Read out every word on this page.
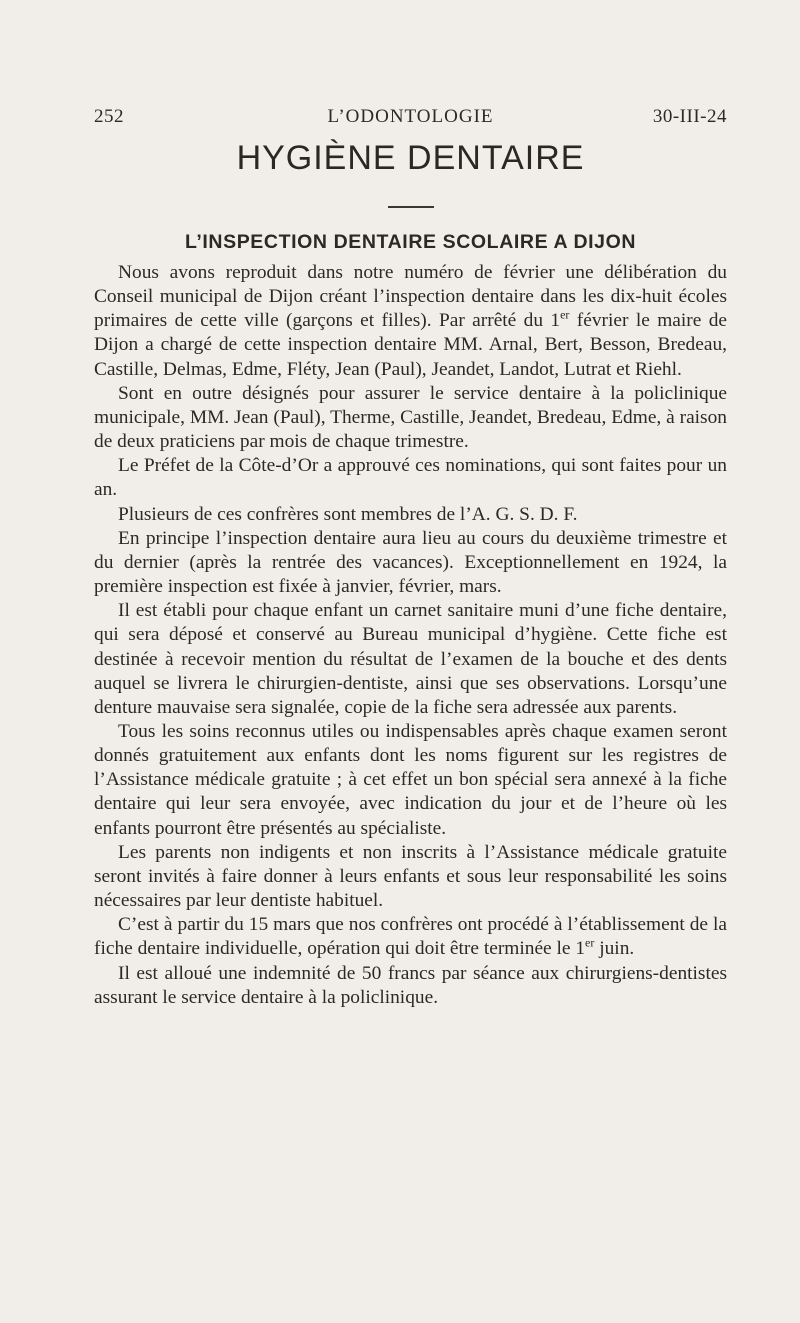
252	L’ODONTOLOGIE	30-III-24
HYGIÈNE DENTAIRE
L’INSPECTION DENTAIRE SCOLAIRE A DIJON

Nous avons reproduit dans notre numéro de février une délibération du Conseil municipal de Dijon créant l’inspection dentaire dans les dix-huit écoles primaires de cette ville (garçons et filles). Par arrêté du 1er février le maire de Dijon a chargé de cette inspection dentaire MM. Arnal, Bert, Besson, Bredeau, Castille, Delmas, Edme, Fléty, Jean (Paul), Jeandet, Landot, Lutrat et Riehl.

Sont en outre désignés pour assurer le service dentaire à la policlinique municipale, MM. Jean (Paul), Therme, Castille, Jeandet, Bredeau, Edme, à raison de deux praticiens par mois de chaque trimestre.

Le Préfet de la Côte-d’Or a approuvé ces nominations, qui sont faites pour un an.

Plusieurs de ces confrères sont membres de l’A. G. S. D. F.

En principe l’inspection dentaire aura lieu au cours du deuxième trimestre et du dernier (après la rentrée des vacances). Exceptionnellement en 1924, la première inspection est fixée à janvier, février, mars.

Il est établi pour chaque enfant un carnet sanitaire muni d’une fiche dentaire, qui sera déposé et conservé au Bureau municipal d’hygiène. Cette fiche est destinée à recevoir mention du résultat de l’examen de la bouche et des dents auquel se livrera le chirurgien-dentiste, ainsi que ses observations. Lorsqu’une denture mauvaise sera signalée, copie de la fiche sera adressée aux parents.

Tous les soins reconnus utiles ou indispensables après chaque examen seront donnés gratuitement aux enfants dont les noms figurent sur les registres de l’Assistance médicale gratuite ; à cet effet un bon spécial sera annexé à la fiche dentaire qui leur sera envoyée, avec indication du jour et de l’heure où les enfants pourront être présentés au spécialiste.

Les parents non indigents et non inscrits à l’Assistance médicale gratuite seront invités à faire donner à leurs enfants et sous leur responsabilité les soins nécessaires par leur dentiste habituel.

C’est à partir du 15 mars que nos confrères ont procédé à l’établissement de la fiche dentaire individuelle, opération qui doit être terminée le 1er juin.

Il est alloué une indemnité de 50 francs par séance aux chirurgiens-dentistes assurant le service dentaire à la policlinique.
